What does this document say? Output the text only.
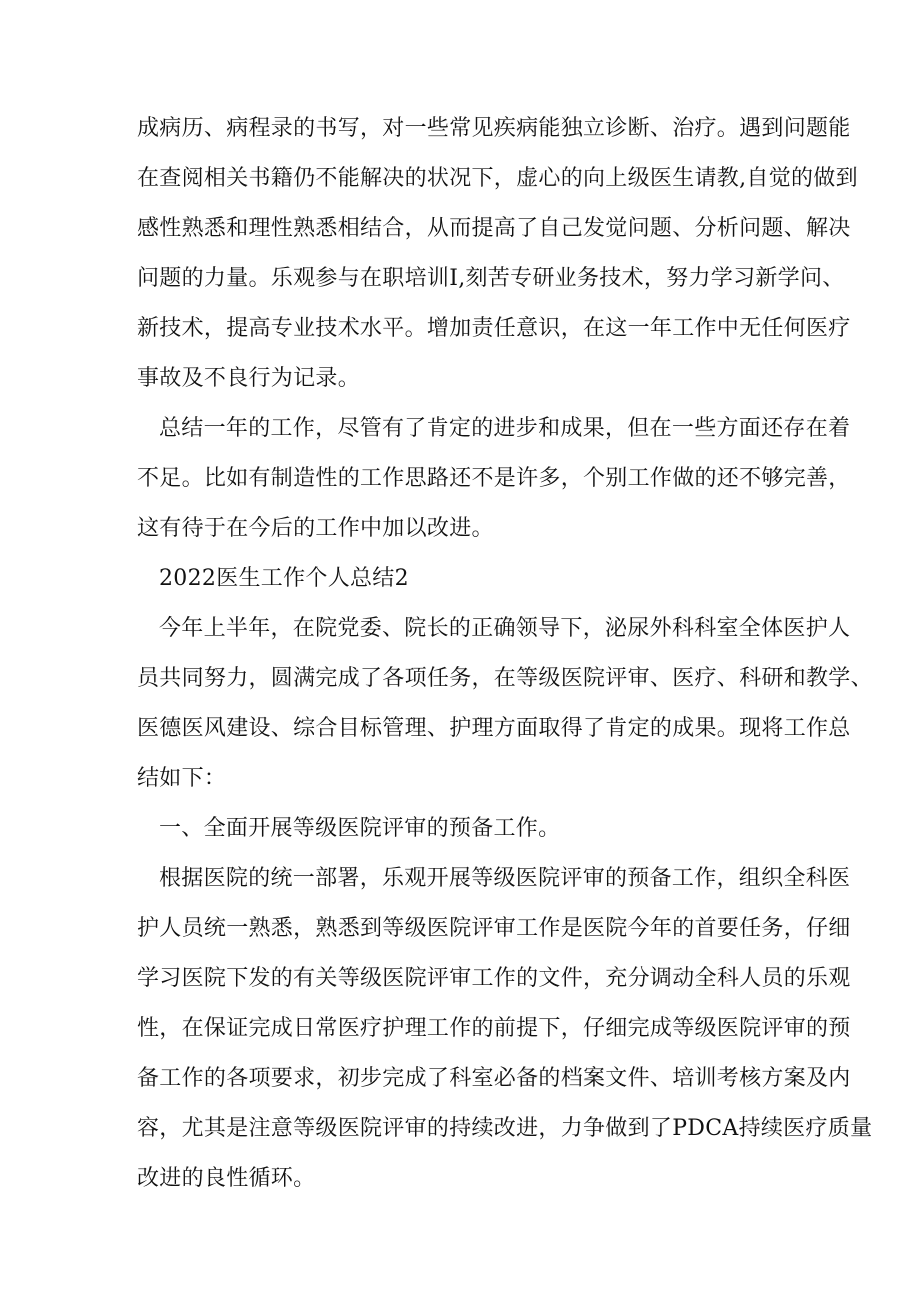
成病历、病程录的书写，对一些常见疾病能独立诊断、治疗。遇到问题能
在查阅相关书籍仍不能解决的状况下，虚心的向上级医生请教,自觉的做到
感性熟悉和理性熟悉相结合，从而提高了自己发觉问题、分析问题、解决
问题的力量。乐观参与在职培训I,刻苦专研业务技术，努力学习新学问、
新技术，提高专业技术水平。增加责任意识，在这一年工作中无任何医疗
事故及不良行为记录。
总结一年的工作，尽管有了肯定的进步和成果，但在一些方面还存在着
不足。比如有制造性的工作思路还不是许多，个别工作做的还不够完善，
这有待于在今后的工作中加以改进。
2022医生工作个人总结2
今年上半年，在院党委、院长的正确领导下，泌尿外科科室全体医护人
员共同努力，圆满完成了各项任务，在等级医院评审、医疗、科研和教学、
医德医风建设、综合目标管理、护理方面取得了肯定的成果。现将工作总
结如下：
一、全面开展等级医院评审的预备工作。
根据医院的统一部署，乐观开展等级医院评审的预备工作，组织全科医
护人员统一熟悉，熟悉到等级医院评审工作是医院今年的首要任务，仔细
学习医院下发的有关等级医院评审工作的文件，充分调动全科人员的乐观
性，在保证完成日常医疗护理工作的前提下，仔细完成等级医院评审的预
备工作的各项要求，初步完成了科室必备的档案文件、培训考核方案及内
容，尤其是注意等级医院评审的持续改进，力争做到了PDCA持续医疗质量
改进的良性循环。
